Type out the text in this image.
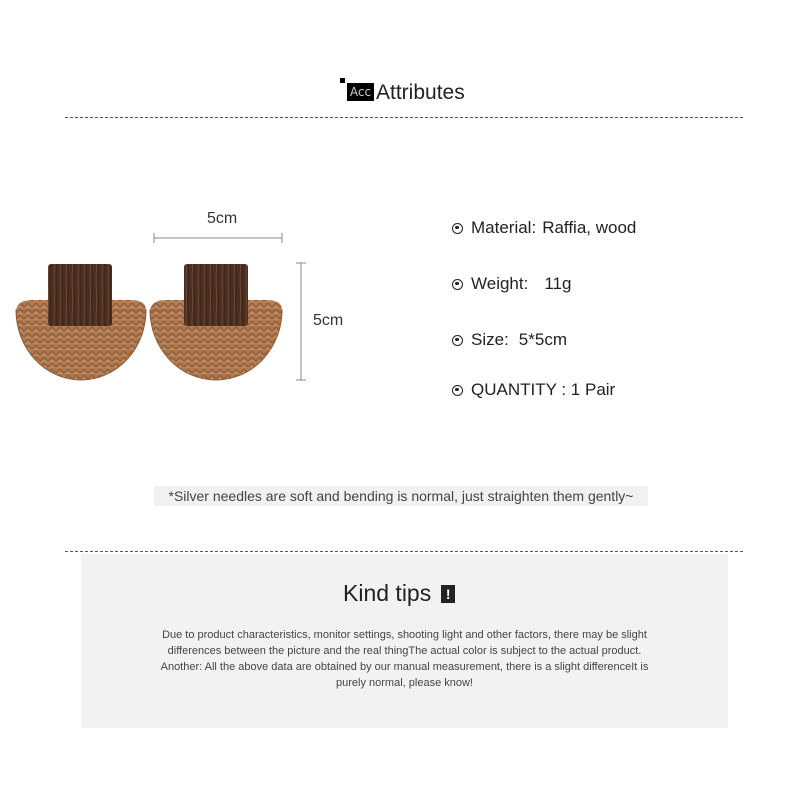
Acc Attributes
5cm
5cm
Material: Raffia, wood
Weight: 11g
Size: 5*5cm
QUANTITY : 1 Pair
*Silver needles are soft and bending is normal, just straighten them gently~
Kind tips	!
Due to product characteristics, monitor settings, shooting light and other factors, there may be slight
differences between the picture and the real thingThe actual color is subject to the actual product.
Another: All the above data are obtained by our manual measurement, there is a slight differenceIt is
purely normal, please know!
